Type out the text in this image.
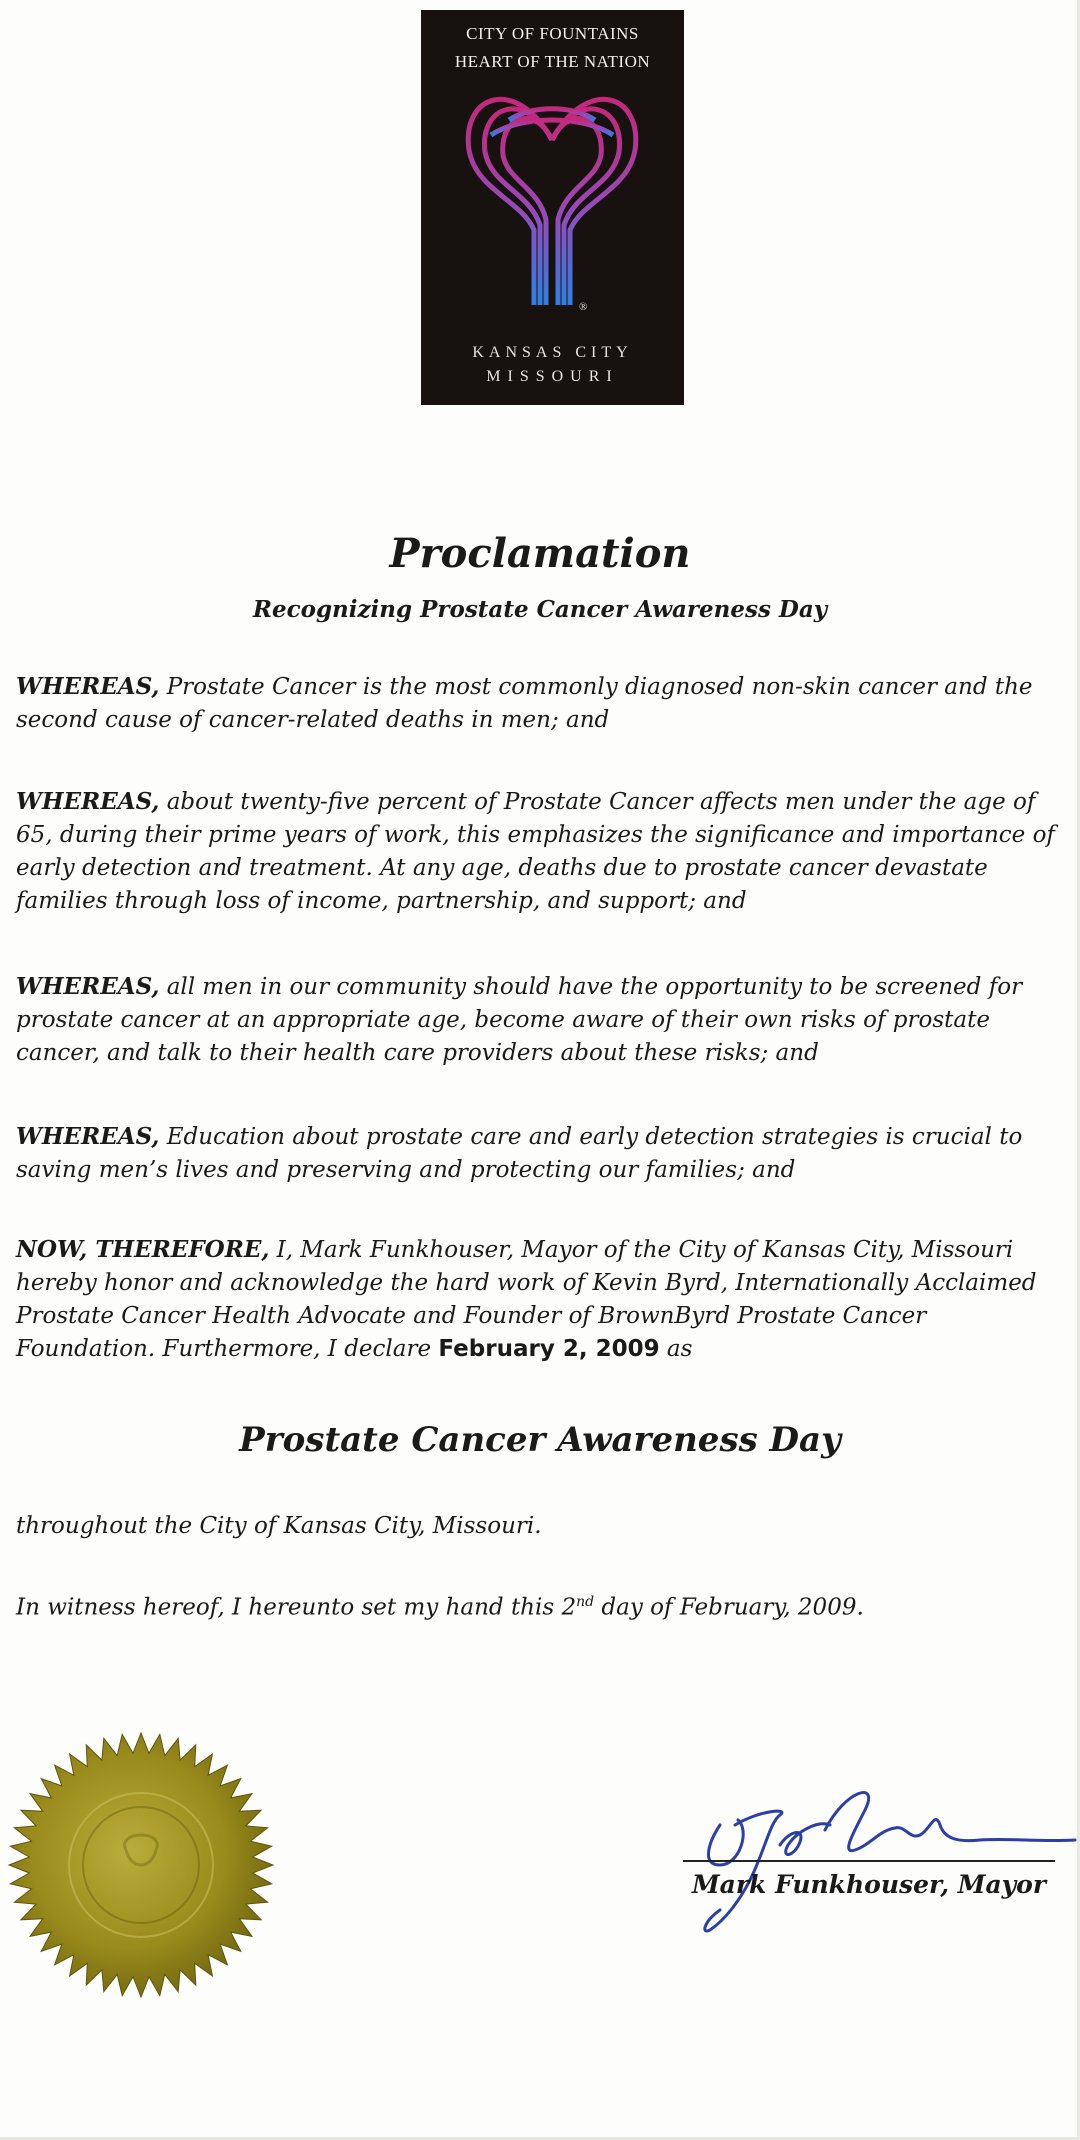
CITY OF FOUNTAINS
HEART OF THE NATION
®
KANSAS CITY
MISSOURI
Proclamation
Recognizing Prostate Cancer Awareness Day
WHEREAS, Prostate Cancer is the most commonly diagnosed non-skin cancer and the second cause of cancer-related deaths in men; and
WHEREAS, about twenty-five percent of Prostate Cancer affects men under the age of 65, during their prime years of work, this emphasizes the significance and importance of early detection and treatment. At any age, deaths due to prostate cancer devastate families through loss of income, partnership, and support; and
WHEREAS, all men in our community should have the opportunity to be screened for prostate cancer at an appropriate age, become aware of their own risks of prostate cancer, and talk to their health care providers about these risks; and
WHEREAS, Education about prostate care and early detection strategies is crucial to saving men’s lives and preserving and protecting our families; and
NOW, THEREFORE, I, Mark Funkhouser, Mayor of the City of Kansas City, Missouri hereby honor and acknowledge the hard work of Kevin Byrd, Internationally Acclaimed Prostate Cancer Health Advocate and Founder of BrownByrd Prostate Cancer Foundation. Furthermore, I declare February 2, 2009 as
Prostate Cancer Awareness Day
throughout the City of Kansas City, Missouri.
In witness hereof, I hereunto set my hand this 2nd day of February, 2009.
Mark Funkhouser, Mayor
